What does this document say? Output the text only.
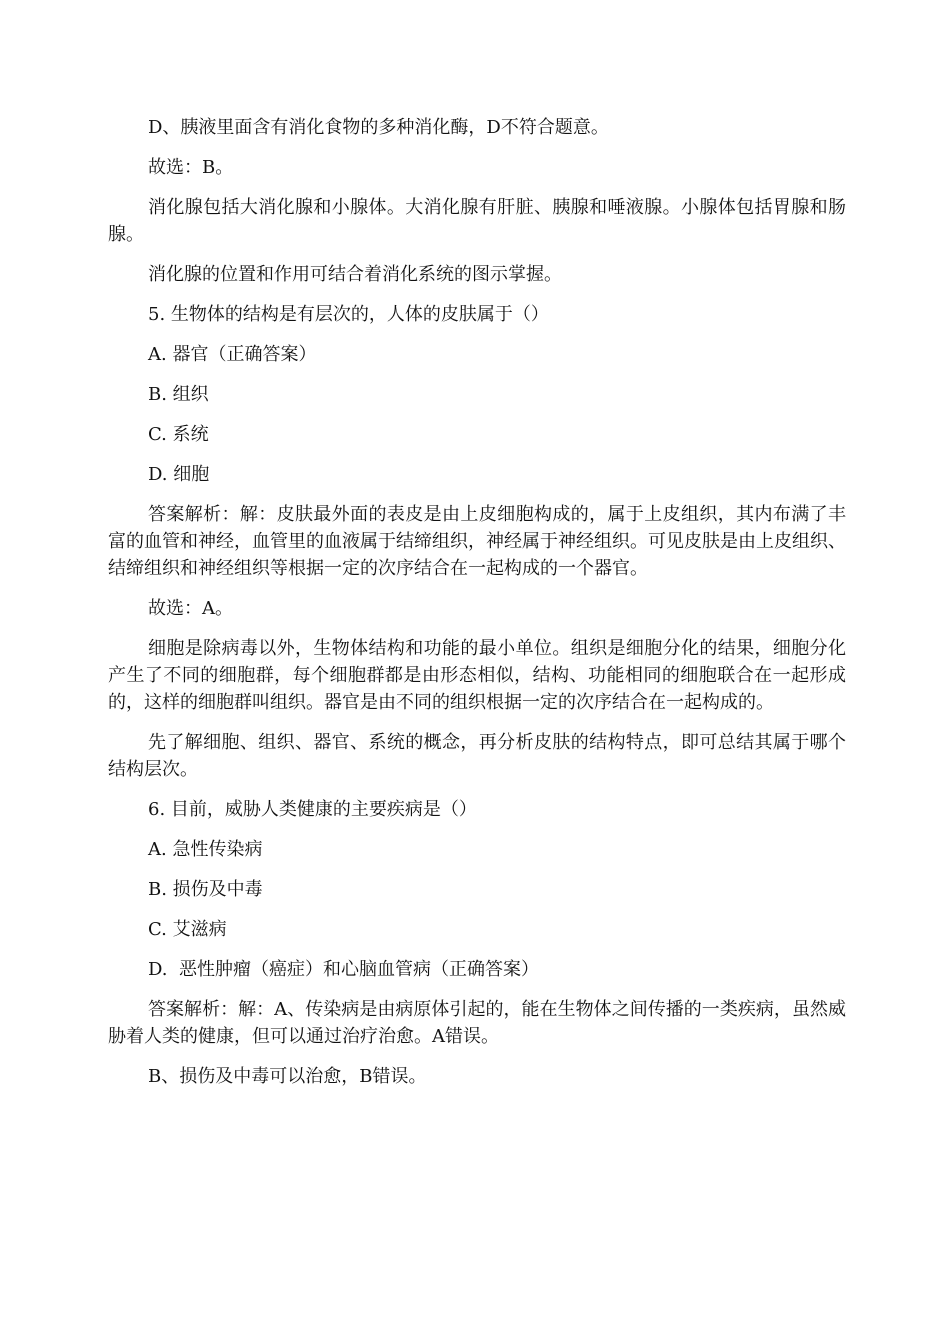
D、胰液里面含有消化食物的多种消化酶，D不符合题意。

故选：B。

消化腺包括大消化腺和小腺体。大消化腺有肝脏、胰腺和唾液腺。小腺体包括胃腺和肠腺。

消化腺的位置和作用可结合着消化系统的图示掌握。

5. 生物体的结构是有层次的，人体的皮肤属于（）

A. 器官（正确答案）

B. 组织

C. 系统

D. 细胞

答案解析：解：皮肤最外面的表皮是由上皮细胞构成的，属于上皮组织，其内布满了丰富的血管和神经，血管里的血液属于结缔组织，神经属于神经组织。可见皮肤是由上皮组织、结缔组织和神经组织等根据一定的次序结合在一起构成的一个器官。

故选：A。

细胞是除病毒以外，生物体结构和功能的最小单位。组织是细胞分化的结果，细胞分化产生了不同的细胞群，每个细胞群都是由形态相似，结构、功能相同的细胞联合在一起形成的，这样的细胞群叫组织。器官是由不同的组织根据一定的次序结合在一起构成的。

先了解细胞、组织、器官、系统的概念，再分析皮肤的结构特点，即可总结其属于哪个结构层次。

6. 目前，威胁人类健康的主要疾病是（）

A. 急性传染病

B. 损伤及中毒

C. 艾滋病

D.  恶性肿瘤（癌症）和心脑血管病（正确答案）

答案解析：解：A、传染病是由病原体引起的，能在生物体之间传播的一类疾病，虽然威胁着人类的健康，但可以通过治疗治愈。A错误。

B、损伤及中毒可以治愈，B错误。
